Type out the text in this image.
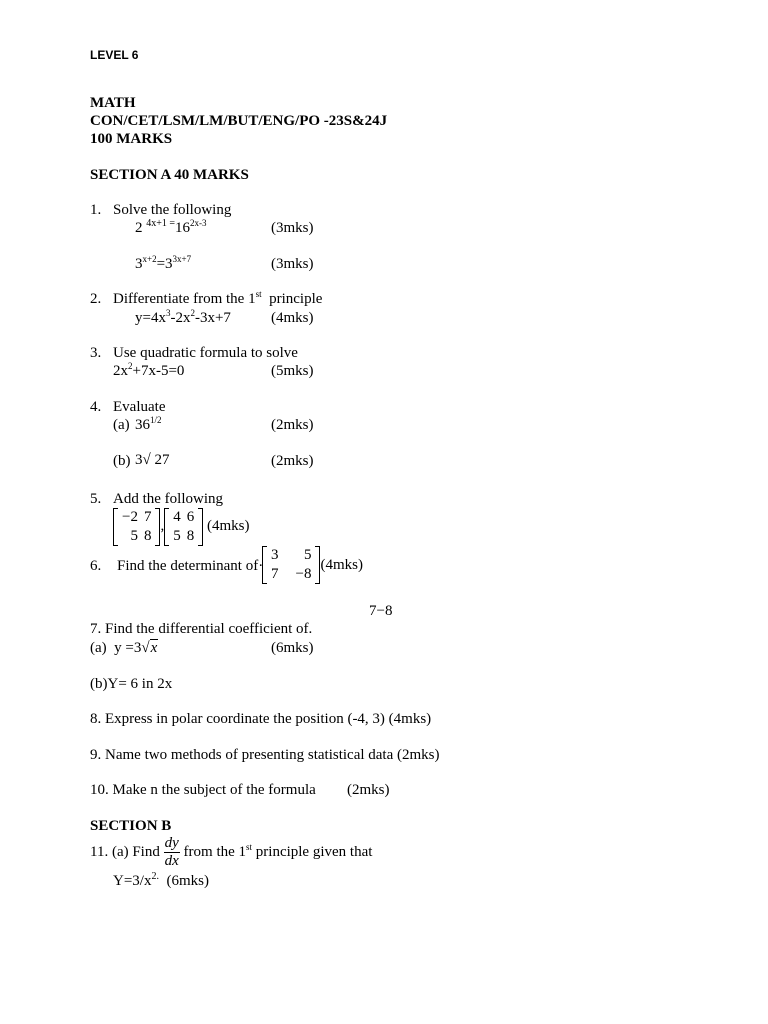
LEVEL 6
MATH
CON/CET/LSM/LM/BUT/ENG/PO -23S&24J
100 MARKS
SECTION A 40 MARKS
1. Solve the following
2 $^{4x+1 =}16^{2x-3}$	(3mks)
$3^{x+2}=3^{3x+7}$	(3mks)
2. Differentiate from the 1st  principle
$y=4x^3-2x^2-3x+7$	(4mks)
3. Use quadratic formula to solve
$2x^2+7x-5=0$	(5mks)
4. Evaluate
(a) $36^{1/2}$	(2mks)
(b) 3√ 27	(2mks)
5. Add the following
−2	7
5	8
,
4	6
5	8
(4mks)
6. Find the determinant of·
3	5
7	−8
(4mks)
7−8
7. Find the differential coefficient of.
(a)  y =3√x	(6mks)
(b)Y= 6 in 2x
8. Express in polar coordinate the position (-4, 3) (4mks)
9. Name two methods of presenting statistical data (2mks)
10. Make n the subject of the formula (2mks)
SECTION B
11. (a) Find $\frac{dy}{dx}$ from the 1st principle given that
$Y=3/x^{2.}$  (6mks)
